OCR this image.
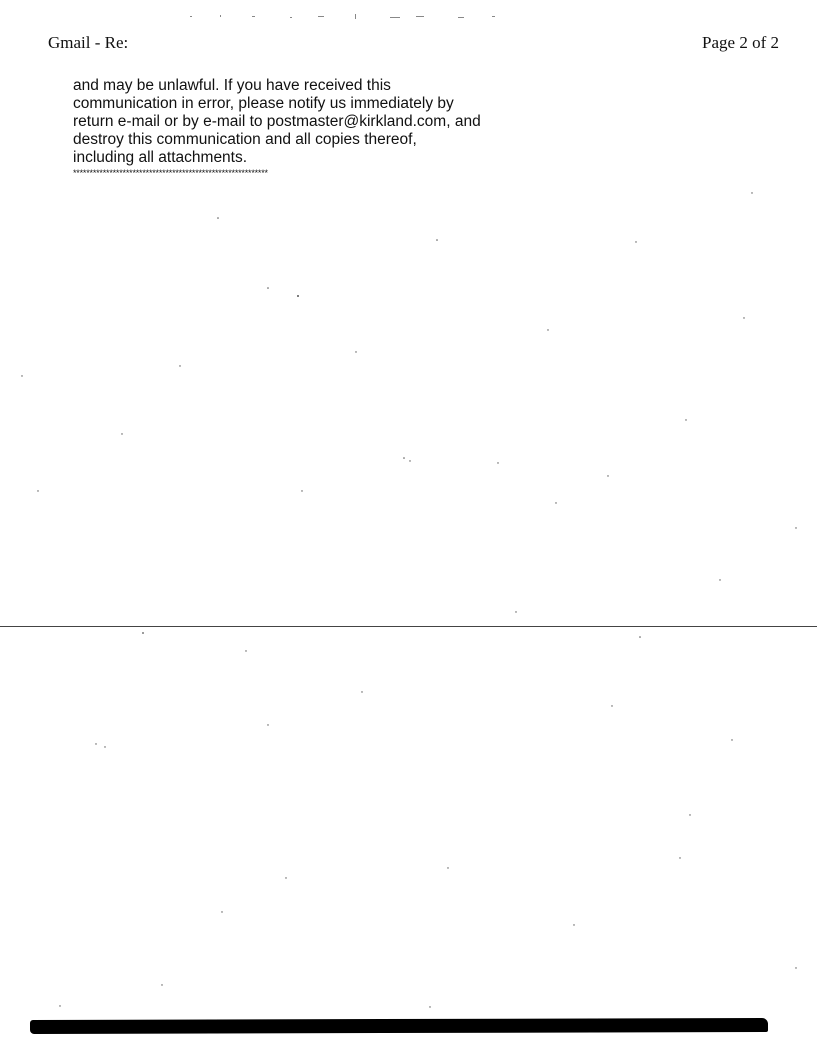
Gmail - Re:	Page 2 of 2
and may be unlawful. If you have received this
communication in error, please notify us immediately by
return e-mail or by e-mail to postmaster@kirkland.com, and
destroy this communication and all copies thereof,
including all attachments.
***********************************************************
